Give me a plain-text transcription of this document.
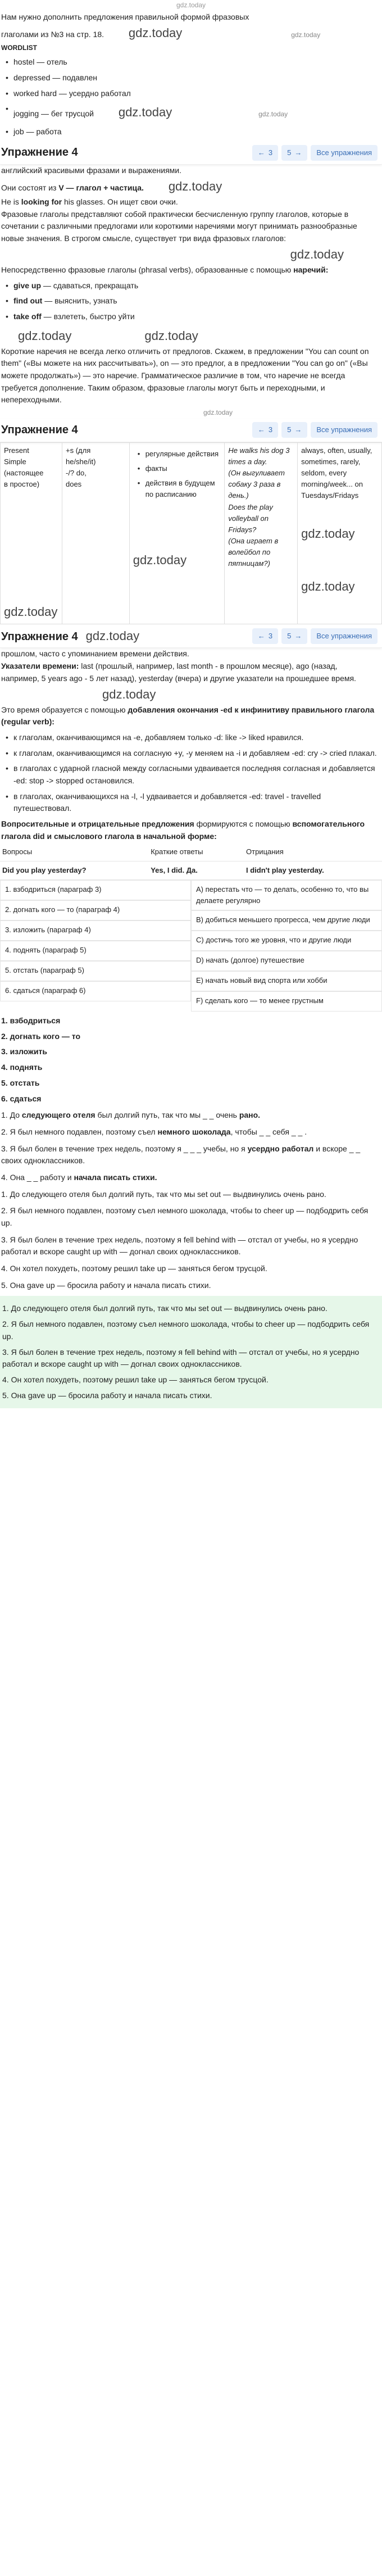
gdz.today

Нам нужно дополнить предложения правильной формой фразовых

глаголами из №3 на стр. 18. gdz.today	gdz.today

WORDLIST

• hostel — отель
• depressed — подавлен
• worked hard — усердно работал
• jogging — бег трусцой gdz.today	gdz.today
• job — работа
Упражнение 4	← 3 5 →	Все упражнения

английский красивыми фразами и выражениями.

Они состоят из V — глагол + частица. gdz.today

He is looking for his glasses. Он ищет свои очки.

Фразовые глаголы представляют собой практически бесчисленную группу глаголов, которые в сочетании с различными предлогами или короткими наречиями могут принимать разнообразные новые значения. В строгом смысле, существует три вида фразовых глаголов:

gdz.today

Непосредственно фразовые глаголы (phrasal verbs), образованные с помощью наречий:

• give up — сдаваться, прекращать
• find out — выяснить, узнать
• take off — взлететь, быстро уйти

gdz.today	gdz.today

Короткие наречия не всегда легко отличить от предлогов. Скажем, в предложении "You can count on them" («Вы можете на них рассчитывать»), on — это предлог, а в предложении "You can go on" («Вы можете продолжать») — это наречие. Грамматическое различие в том, что наречие не всегда требуется дополнение. Таким образом, фразовые глаголы могут быть и переходными, и непереходными.

gdz.today

Упражнение 4	← 3 5 →	Все упражнения
Present
Simple
(настоящее
в простое)
gdz.today

+s (для
he/she/it)
-/? do,
does

• регулярные действия
• факты
• действия в будущем по расписанию
gdz.today

He walks his dog 3 times a day.
(Он выгуливает собаку 3 раза в день.)
Does the play volleyball on Fridays?
(Она играет в волейбол по пятницам?)

always, often, usually, sometimes, rarely, seldom, every morning/week... on Tuesdays/Fridays
gdz.today
gdz.today
Упражнение 4 gdz.today	← 3 5 →	Все упражнения

прошлом, часто с упоминанием времени действия.

Указатели времени: last (прошлый, например, last month - в прошлом месяце), ago (назад, например, 5 years ago - 5 лет назад), yesterday (вчера) и другие указатели на прошедшее время.

gdz.today

Это время образуется с помощью добавления окончания -ed к инфинитиву правильного глагола (regular verb):

• к глаголам, оканчивающимся на -e, добавляем только -d: like -> liked нравился.
• к глаголам, оканчивающимся на согласную +y, -y меняем на -i и добавляем -ed: cry -> cried плакал.
• в глаголах с ударной гласной между согласными удваивается последняя согласная и добавляется -ed: stop -> stopped остановился.
• в глаголах, оканчивающихся на -l, -l удваивается и добавляется -ed: travel - travelled путешествовал.

Вопросительные и отрицательные предложения формируются с помощью вспомогательного глагола did и смыслового глагола в начальной форме:

Вопросы	Краткие ответы	Отрицания
Did you play yesterday?	Yes, I did. Да.	I didn't play yesterday.
1. взбодриться (параграф 3)
2. догнать кого — то (параграф 4)
3. изложить (параграф 4)
4. поднять (параграф 5)
5. отстать (параграф 5)
6. сдаться (параграф 6)
A) перестать что — то делать, особенно то, что вы делаете регулярно
B) добиться меньшего прогресса, чем другие люди
C) достичь того же уровня, что и другие люди
D) начать (долгое) путешествие
E) начать новый вид спорта или хобби
F) сделать кого — то менее грустным

1. взбодриться

2. догнать кого — то

3. изложить

4. поднять

5. отстать

6. сдаться

1. До следующего отеля был долгий путь, так что мы _ _ очень рано.

2. Я был немного подавлен, поэтому съел немного шоколада, чтобы _ _ себя _ _ .

3. Я был болен в течение трех недель, поэтому я _ _ _ учебы, но я усердно работал и вскоре _ _ своих одноклассников.

4. Она _ _ работу и начала писать стихи.

1. До следующего отеля был долгий путь, так что мы set out — выдвинулись очень рано.

2. Я был немного подавлен, поэтому съел немного шоколада, чтобы to cheer up — подбодрить себя up.

3. Я был болен в течение трех недель, поэтому я fell behind with — отстал от учебы, но я усердно работал и вскоре caught up with — догнал своих одноклассников.

4. Он хотел похудеть, поэтому решил take up — заняться бегом трусцой.

5. Она gave up — бросила работу и начала писать стихи.

1. До следующего отеля был долгий путь, так что мы set out — выдвинулись очень рано.

2. Я был немного подавлен, поэтому съел немного шоколада, чтобы to cheer up — подбодрить себя up.

3. Я был болен в течение трех недель, поэтому я fell behind with — отстал от учебы, но я усердно работал и вскоре caught up with — догнал своих одноклассников.

4. Он хотел похудеть, поэтому решил take up — заняться бегом трусцой.

5. Она gave up — бросила работу и начала писать стихи.
